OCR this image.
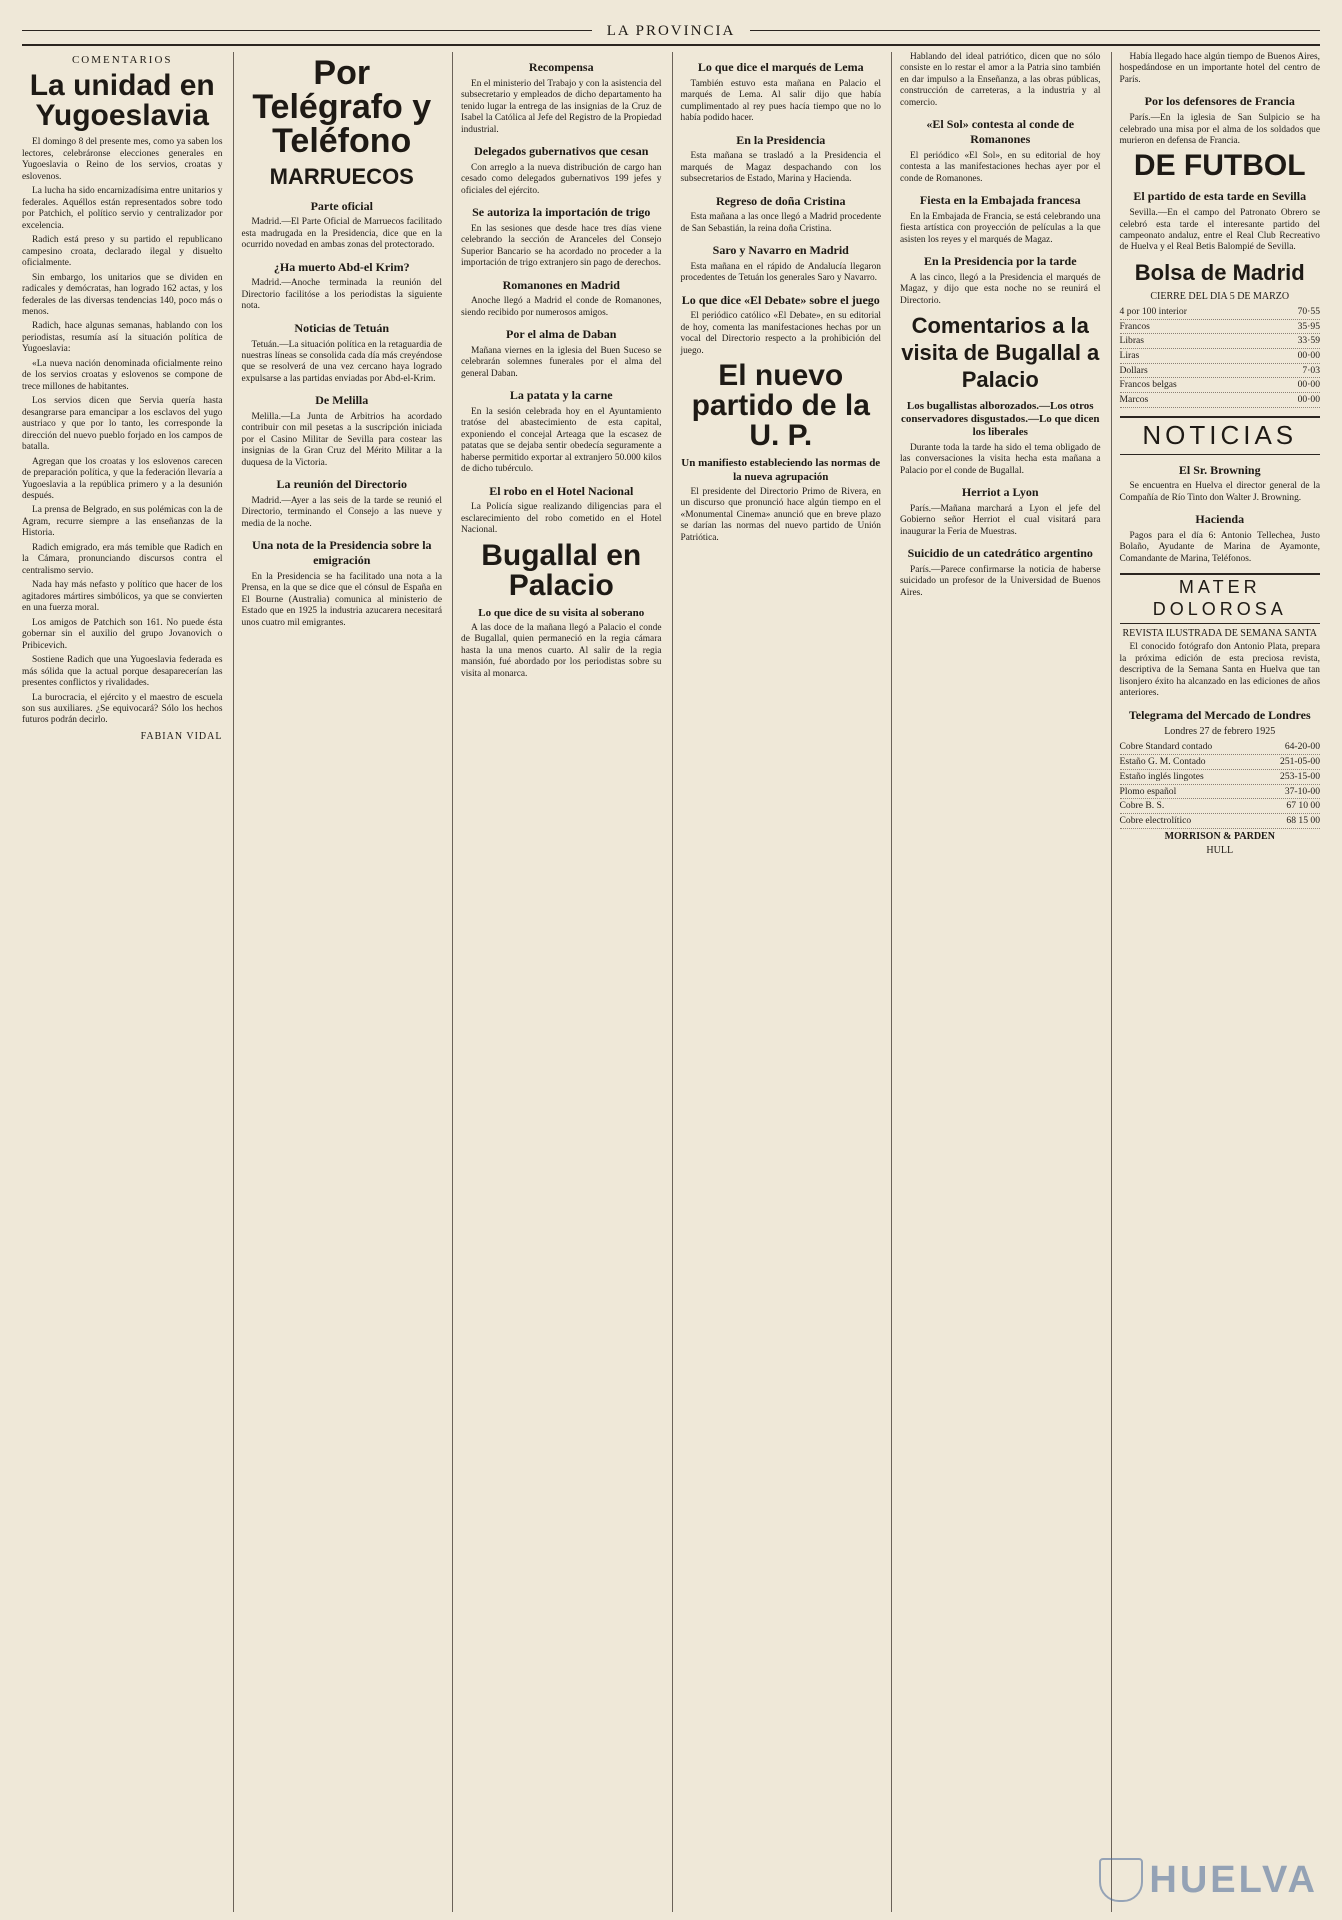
LA PROVINCIA
COMENTARIOS
La unidad en Yugoeslavia

El domingo 8 del presente mes, como ya saben los lectores, celebráronse elecciones generales en Yugoeslavia o Reino de los servios, croatas y eslovenos.

La lucha ha sido encarnizadísima entre unitarios y federales. Aquéllos están representados sobre todo por Patchich, el político servio y centralizador por excelencia.

Radich está preso y su partido el republicano campesino croata, declarado ilegal y disuelto oficialmente.

Sin embargo, los unitarios que se dividen en radicales y demócratas, han logrado 162 actas, y los federales de las diversas tendencias 140, poco más o menos.

Radich, hace algunas semanas, hablando con los periodistas, resumía así la situación política de Yugoeslavia:

«La nueva nación denominada oficialmente reino de los servios croatas y eslovenos se compone de trece millones de habitantes.

Los servios dicen que Servia quería hasta desangrarse para emancipar a los esclavos del yugo austriaco y que por lo tanto, les corresponde la dirección del nuevo pueblo forjado en los campos de batalla.

Agregan que los croatas y los eslovenos carecen de preparación política, y que la federación llevaría a Yugoeslavia a la república primero y a la desunión después.

La prensa de Belgrado, en sus polémicas con la de Agram, recurre siempre a las enseñanzas de la Historia.

Radich emigrado, era más temible que Radich en la Cámara, pronunciando discursos contra el centralismo servio.

Nada hay más nefasto y político que hacer de los agitadores mártires simbólicos, ya que se convierten en una fuerza moral.

Los amigos de Patchich son 161. No puede ésta gobernar sin el auxilio del grupo Jovanovich o Pribicevich.

Sostiene Radich que una Yugoeslavia federada es más sólida que la actual porque desaparecerían las presentes conflictos y rivalidades.

La burocracia, el ejército y el maestro de escuela son sus auxiliares. ¿Se equivocará? Sólo los hechos futuros podrán decirlo.

FABIAN VIDAL
Por Telégrafo y Teléfono
MARRUECOS
Parte oficial

Madrid.—El Parte Oficial de Marruecos facilitado esta madrugada en la Presidencia, dice que en la ocurrido novedad en ambas zonas del protectorado.

¿Ha muerto Abd-el Krim?

Madrid.—Anoche terminada la reunión del Directorio facilitóse a los periodistas la siguiente nota.

Noticias de Tetuán

Tetuán.—La situación política en la retaguardia de nuestras líneas se consolida cada día más creyéndose que se resolverá de una vez cercano haya logrado expulsarse a las partidas enviadas por Abd-el-Krim.

De Melilla

Melilla.—La Junta de Arbitrios ha acordado contribuir con mil pesetas a la suscripción iniciada por el Casino Militar de Sevilla para costear las insignias de la Gran Cruz del Mérito Militar a la duquesa de la Victoria.

La reunión del Directorio

Madrid.—Ayer a las seis de la tarde se reunió el Directorio, terminando el Consejo a las nueve y media de la noche.

Una nota de la Presidencia sobre la emigración

En la Presidencia se ha facilitado una nota a la Prensa, en la que se dice que el cónsul de España en El Bourne (Australia) comunica al ministerio de Estado que en 1925 la industria azucarera necesitará unos cuatro mil emigrantes.

Recompensa

En el ministerio del Trabajo y con la asistencia del subsecretario y empleados de dicho departamento ha tenido lugar la entrega de las insignias de la Cruz de Isabel la Católica al Jefe del Registro de la Propiedad industrial.

Delegados gubernativos que cesan

Con arreglo a la nueva distribución de cargo han cesado como delegados gubernativos 199 jefes y oficiales del ejército.

Se autoriza la importación de trigo

En las sesiones que desde hace tres días viene celebrando la sección de Aranceles del Consejo Superior Bancario se ha acordado no proceder a la importación de trigo extranjero sin pago de derechos.

Romanones en Madrid

Anoche llegó a Madrid el conde de Romanones, siendo recibido por numerosos amigos.

Por el alma de Daban

Mañana viernes en la iglesia del Buen Suceso se celebrarán solemnes funerales por el alma del general Daban.

La patata y la carne

En la sesión celebrada hoy en el Ayuntamiento tratóse del abastecimiento de esta capital, exponiendo el concejal Arteaga que la escasez de patatas que se dejaba sentir obedecía seguramente a haberse permitido exportar al extranjero 50.000 kilos de dicho tubérculo.

El robo en el Hotel Nacional

La Policía sigue realizando diligencias para el esclarecimiento del robo cometido en el Hotel Nacional.

Bugallal en Palacio
Lo que dice de su visita al soberano

A las doce de la mañana llegó a Palacio el conde de Bugallal, quien permaneció en la regia cámara hasta la una menos cuarto. Al salir de la regia mansión, fué abordado por los periodistas sobre su visita al monarca.

Lo que dice el marqués de Lema

También estuvo esta mañana en Palacio el marqués de Lema. Al salir dijo que había cumplimentado al rey pues hacía tiempo que no lo había podido hacer.

En la Presidencia

Esta mañana se trasladó a la Presidencia el marqués de Magaz despachando con los subsecretarios de Estado, Marina y Hacienda.

Regreso de doña Cristina

Esta mañana a las once llegó a Madrid procedente de San Sebastián, la reina doña Cristina.

Saro y Navarro en Madrid

Esta mañana en el rápido de Andalucía llegaron procedentes de Tetuán los generales Saro y Navarro.

Lo que dice «El Debate» sobre el juego

El periódico católico «El Debate», en su editorial de hoy, comenta las manifestaciones hechas por un vocal del Directorio respecto a la prohibición del juego.

El nuevo partido de la U. P.
Un manifiesto estableciendo las normas de la nueva agrupación

El presidente del Directorio Primo de Rivera, en un discurso que pronunció hace algún tiempo en el «Monumental Cinema» anunció que en breve plazo se darían las normas del nuevo partido de Unión Patriótica.

Hablando del ideal patriótico, dicen que no sólo consiste en lo restar el amor a la Patria sino también en dar impulso a la Enseñanza, a las obras públicas, construcción de carreteras, a la industria y al comercio.

«El Sol» contesta al conde de Romanones

El periódico «El Sol», en su editorial de hoy contesta a las manifestaciones hechas ayer por el conde de Romanones.

Fiesta en la Embajada francesa

En la Embajada de Francia, se está celebrando una fiesta artística con proyección de películas a la que asisten los reyes y el marqués de Magaz.

En la Presidencia por la tarde

A las cinco, llegó a la Presidencia el marqués de Magaz, y dijo que esta noche no se reunirá el Directorio.

Comentarios a la visita de Bugallal a Palacio
Los bugallistas alborozados.—Los otros conservadores disgustados.—Lo que dicen los liberales

Durante toda la tarde ha sido el tema obligado de las conversaciones la visita hecha esta mañana a Palacio por el conde de Bugallal.

Herriot a Lyon

París.—Mañana marchará a Lyon el jefe del Gobierno señor Herriot el cual visitará para inaugurar la Feria de Muestras.

Suicidio de un catedrático argentino

París.—Parece confirmarse la noticia de haberse suicidado un profesor de la Universidad de Buenos Aires.

Había llegado hace algún tiempo de Buenos Aires, hospedándose en un importante hotel del centro de París.

Por los defensores de Francia

París.—En la iglesia de San Sulpicio se ha celebrado una misa por el alma de los soldados que murieron en defensa de Francia.

DE FUTBOL
El partido de esta tarde en Sevilla

Sevilla.—En el campo del Patronato Obrero se celebró esta tarde el interesante partido del campeonato andaluz, entre el Real Club Recreativo de Huelva y el Real Betis Balompié de Sevilla.

Bolsa de Madrid
CIERRE DEL DIA 5 DE MARZO
4 por 100 interior	70·55
Francos	35·95
Libras	33·59
Liras	00·00
Dollars	7·03
Francos belgas	00·00
Marcos	00·00
NOTICIAS
El Sr. Browning

Se encuentra en Huelva el director general de la Compañía de Río Tinto don Walter J. Browning.

Hacienda

Pagos para el día 6: Antonio Tellechea, Justo Bolaño, Ayudante de Marina de Ayamonte, Comandante de Marina, Teléfonos.

MATER DOLOROSA
REVISTA ILUSTRADA DE SEMANA SANTA

El conocido fotógrafo don Antonio Plata, prepara la próxima edición de esta preciosa revista, descriptiva de la Semana Santa en Huelva que tan lisonjero éxito ha alcanzado en las ediciones de años anteriores.

Telegrama del Mercado de Londres
Londres 27 de febrero 1925
Cobre Standard contado	64-20-00
Estaño G. M. Contado	251-05-00
Estaño inglés lingotes	253-15-00
Plomo español	37-10-00
Cobre B. S.	67 10 00
Cobre electrolítico	68 15 00
MORRISON & PARDEN
HULL
HUELVA
